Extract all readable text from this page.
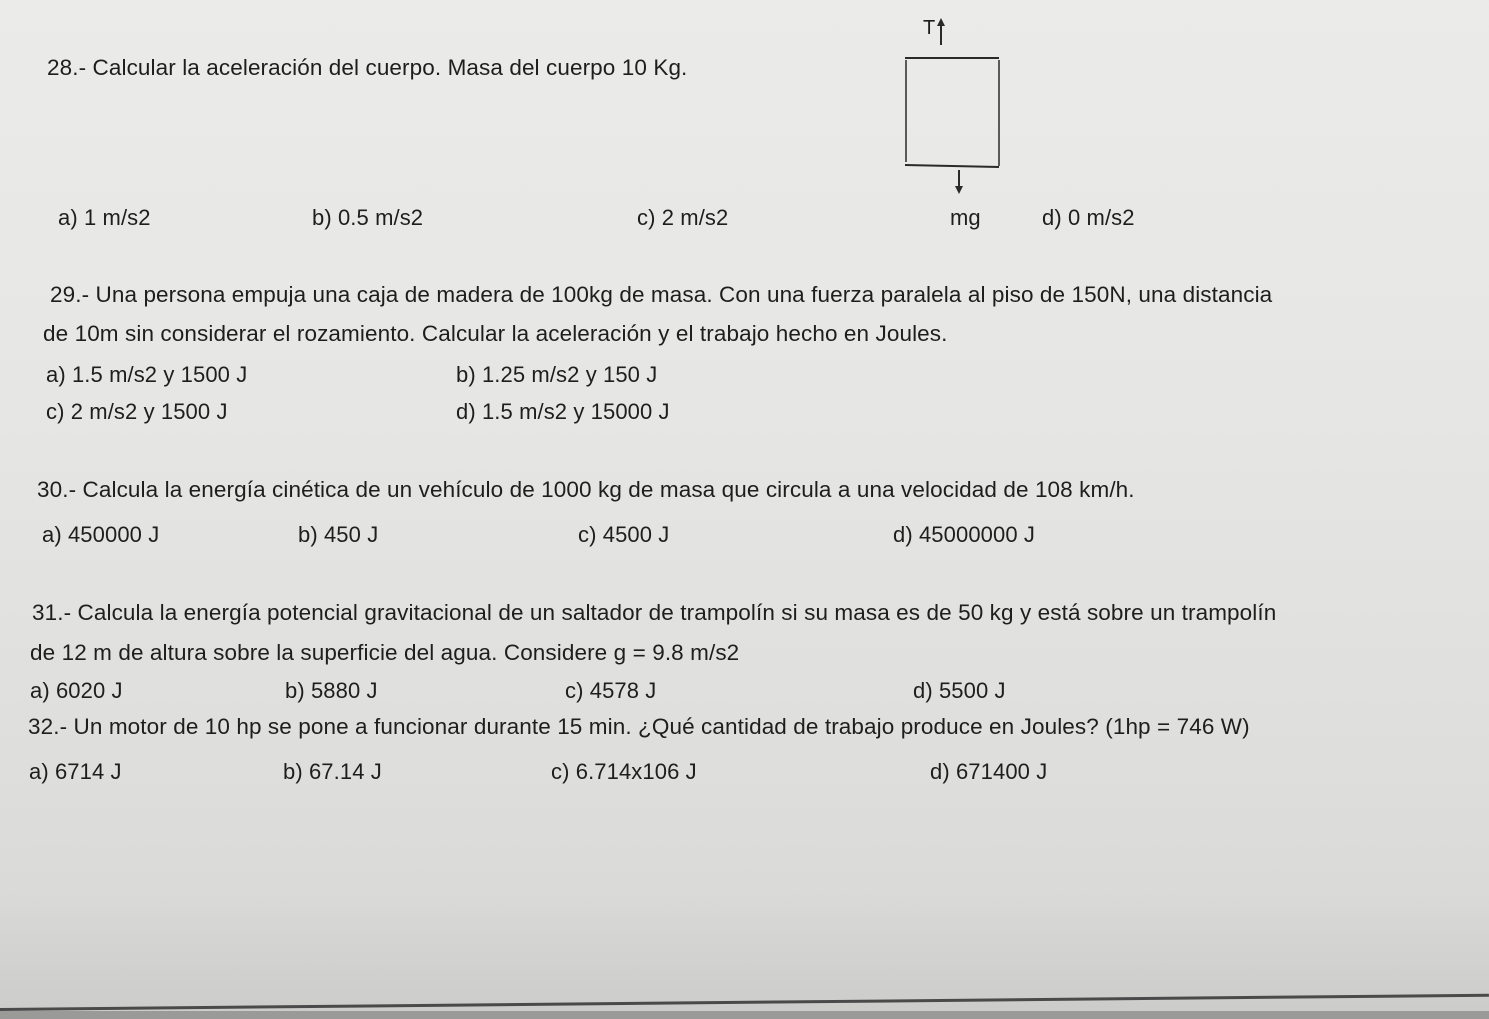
28.- Calcular la aceleración del cuerpo. Masa del cuerpo 10 Kg.
T
mg
a) 1 m/s2	b) 0.5 m/s2	c) 2 m/s2	d) 0 m/s2
29.- Una persona empuja una caja de madera de 100kg de masa. Con una fuerza paralela al piso de 150N, una distancia
de 10m sin considerar el rozamiento. Calcular la aceleración y el trabajo hecho en Joules.
a) 1.5 m/s2 y 1500 J	b) 1.25 m/s2 y 150 J
c) 2 m/s2 y 1500 J	d) 1.5 m/s2 y 15000 J
30.- Calcula la energía cinética de un vehículo de 1000 kg de masa que circula a una velocidad de 108 km/h.
a) 450000 J	b) 450 J	c) 4500 J	d) 45000000 J
31.- Calcula la energía potencial gravitacional de un saltador de trampolín si su masa es de 50 kg y está sobre un trampolín
de 12 m de altura sobre la superficie del agua. Considere g = 9.8 m/s2
a) 6020 J	b) 5880 J	c) 4578 J	d) 5500 J
32.- Un motor de 10 hp se pone a funcionar durante 15 min. ¿Qué cantidad de trabajo produce en Joules? (1hp = 746 W)
a) 6714 J	b) 67.14 J	c) 6.714x106 J	d) 671400 J
